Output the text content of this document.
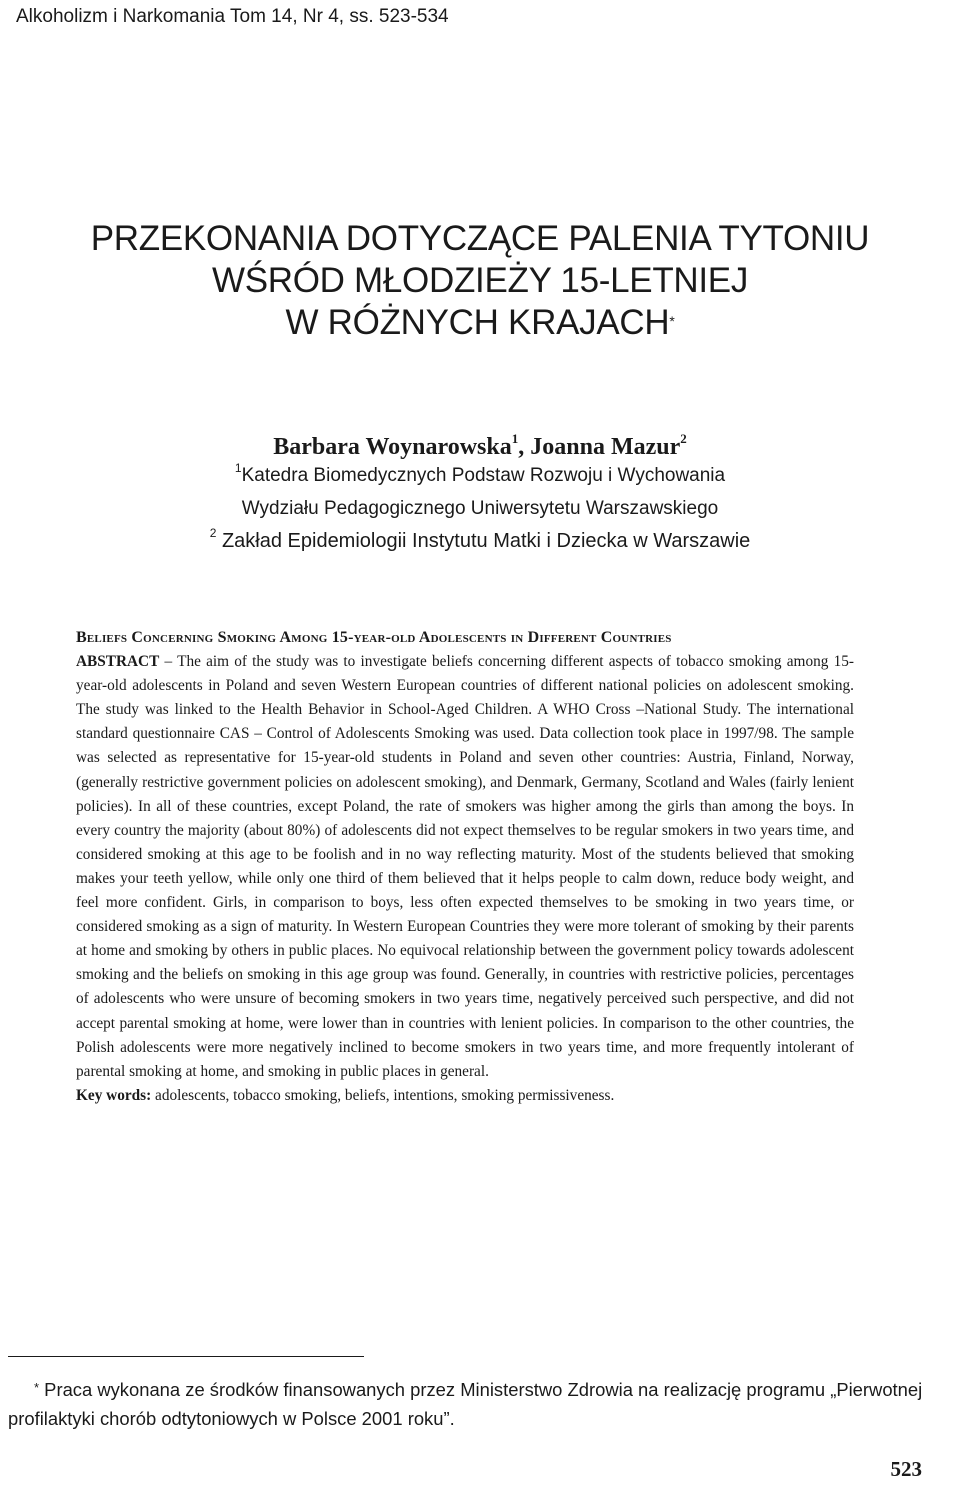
Alkoholizm i Narkomania Tom 14, Nr 4, ss. 523-534
PRZEKONANIA DOTYCZĄCE PALENIA TYTONIU
WŚRÓD MŁODZIEŻY 15-LETNIEJ
W RÓŻNYCH KRAJACH*
Barbara Woynarowska$^1$, Joanna Mazur$^2$
$^1$Katedra Biomedycznych Podstaw Rozwoju i Wychowania
Wydziału Pedagogicznego Uniwersytetu Warszawskiego
$^2$ Zakład Epidemiologii Instytutu Matki i Dziecka w Warszawie
Beliefs Concerning Smoking Among 15-year-old Adolescents in Different Countries
ABSTRACT – The aim of the study was to investigate beliefs concerning different aspects of tobacco smoking among 15-year-old adolescents in Poland and seven Western European countries of different national policies on adolescent smoking. The study was linked to the Health Behavior in School-Aged Children. A WHO Cross –National Study. The international standard questionnaire CAS – Control of Adolescents Smoking was used. Data collection took place in 1997/98. The sample was selected as representative for 15-year-old students in Poland and seven other countries: Austria, Finland, Norway, (generally restrictive government policies on adolescent smoking), and Denmark, Germany, Scotland and Wales (fairly lenient policies). In all of these countries, except Poland, the rate of smokers was higher among the girls than among the boys. In every country the majority (about 80%) of adolescents did not expect themselves to be regular smokers in two years time, and considered smoking at this age to be foolish and in no way reflecting maturity. Most of the students believed that smoking makes your teeth yellow, while only one third of them believed that it helps people to calm down, reduce body weight, and feel more confident. Girls, in comparison to boys, less often expected themselves to be smoking in two years time, or considered smoking as a sign of maturity. In Western European Countries they were more tolerant of smoking by their parents at home and smoking by others in public places. No equivocal relationship between the government policy towards adolescent smoking and the beliefs on smoking in this age group was found. Generally, in countries with restrictive policies, percentages of adolescents who were unsure of becoming smokers in two years time, negatively perceived such perspective, and did not accept parental smoking at home, were lower than in countries with lenient policies. In comparison to the other countries, the Polish adolescents were more negatively inclined to become smokers in two years time, and more frequently intolerant of parental smoking at home, and smoking in public places in general.
Key words: adolescents, tobacco smoking, beliefs, intentions, smoking permissiveness.
* Praca wykonana ze środków finansowanych przez Ministerstwo Zdrowia na realizację programu „Pierwotnej profilaktyki chorób odtytoniowych w Polsce 2001 roku”.
523
